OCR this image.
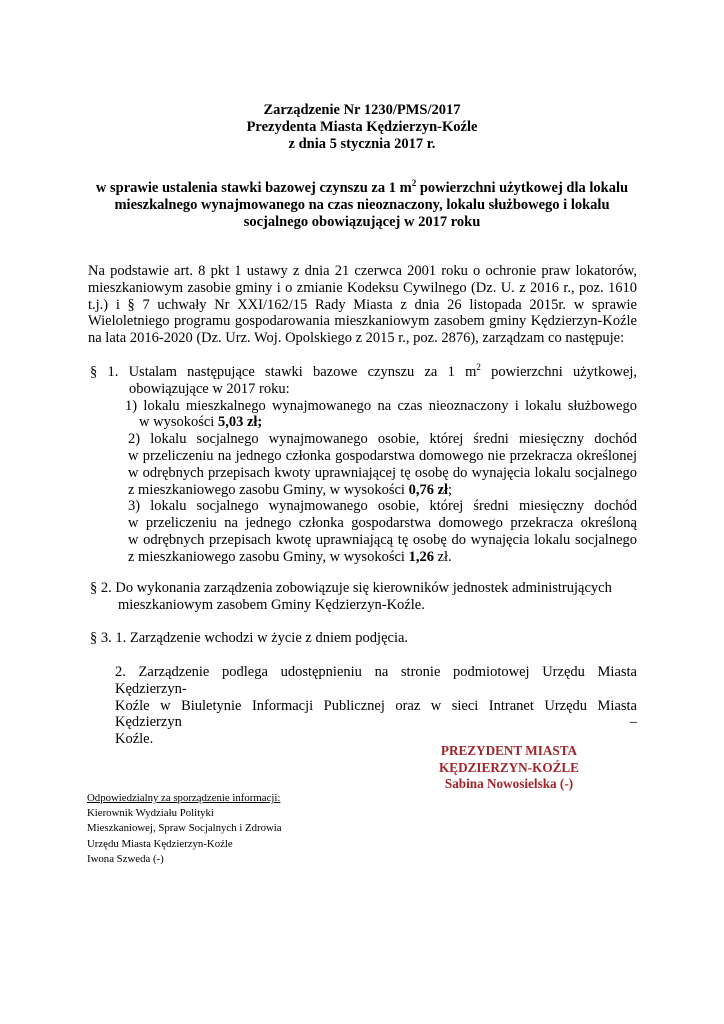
Zarządzenie Nr 1230/PMS/2017
Prezydenta Miasta Kędzierzyn-Koźle
z dnia 5 stycznia 2017 r.
w sprawie ustalenia stawki bazowej czynszu za 1 $m^2$ powierzchni użytkowej dla lokalu
mieszkalnego wynajmowanego na czas nieoznaczony, lokalu służbowego i lokalu
socjalnego obowiązującej w 2017 roku
Na podstawie art. 8 pkt 1 ustawy z dnia 21 czerwca 2001 roku o ochronie praw lokatorów,
mieszkaniowym zasobie gminy i o zmianie Kodeksu Cywilnego (Dz. U. z 2016 r., poz. 1610
t.j.) i § 7 uchwały Nr XXI/162/15 Rady Miasta z dnia 26 listopada 2015r. w sprawie
Wieloletniego programu gospodarowania mieszkaniowym zasobem gminy Kędzierzyn-Koźle
na lata 2016-2020 (Dz. Urz. Woj. Opolskiego z 2015 r., poz. 2876), zarządzam co następuje:
§ 1. Ustalam następujące stawki bazowe czynszu za 1 $m^2$ powierzchni użytkowej,
obowiązujące w 2017 roku:
1) lokalu mieszkalnego wynajmowanego na czas nieoznaczony i lokalu służbowego
w wysokości 5,03 zł;
2) lokalu socjalnego wynajmowanego osobie, której średni miesięczny dochód
w przeliczeniu na jednego członka gospodarstwa domowego nie przekracza określonej
w odrębnych przepisach kwoty uprawniającej tę osobę do wynajęcia lokalu socjalnego
z mieszkaniowego zasobu Gminy, w wysokości 0,76 zł;
3) lokalu socjalnego wynajmowanego osobie, której średni miesięczny dochód
w przeliczeniu na jednego członka gospodarstwa domowego przekracza określoną
w odrębnych przepisach kwotę uprawniającą tę osobę do wynajęcia lokalu socjalnego
z mieszkaniowego zasobu Gminy, w wysokości 1,26 zł.
§ 2. Do wykonania zarządzenia zobowiązuje się kierowników jednostek administrujących
mieszkaniowym zasobem Gminy Kędzierzyn-Koźle.
§ 3. 1. Zarządzenie wchodzi w życie z dniem podjęcia.
2. Zarządzenie podlega udostępnieniu na stronie podmiotowej Urzędu Miasta Kędzierzyn-
Koźle w Biuletynie Informacji Publicznej oraz w sieci Intranet Urzędu Miasta Kędzierzyn –
Koźle.
PREZYDENT MIASTA
KĘDZIERZYN-KOŹLE
Sabina Nowosielska (-)
Odpowiedzialny za sporządzenie informacji:
Kierownik Wydziału Polityki
Mieszkaniowej, Spraw Socjalnych i Zdrowia
Urzędu Miasta Kędzierzyn-Koźle
Iwona Szweda (-)
